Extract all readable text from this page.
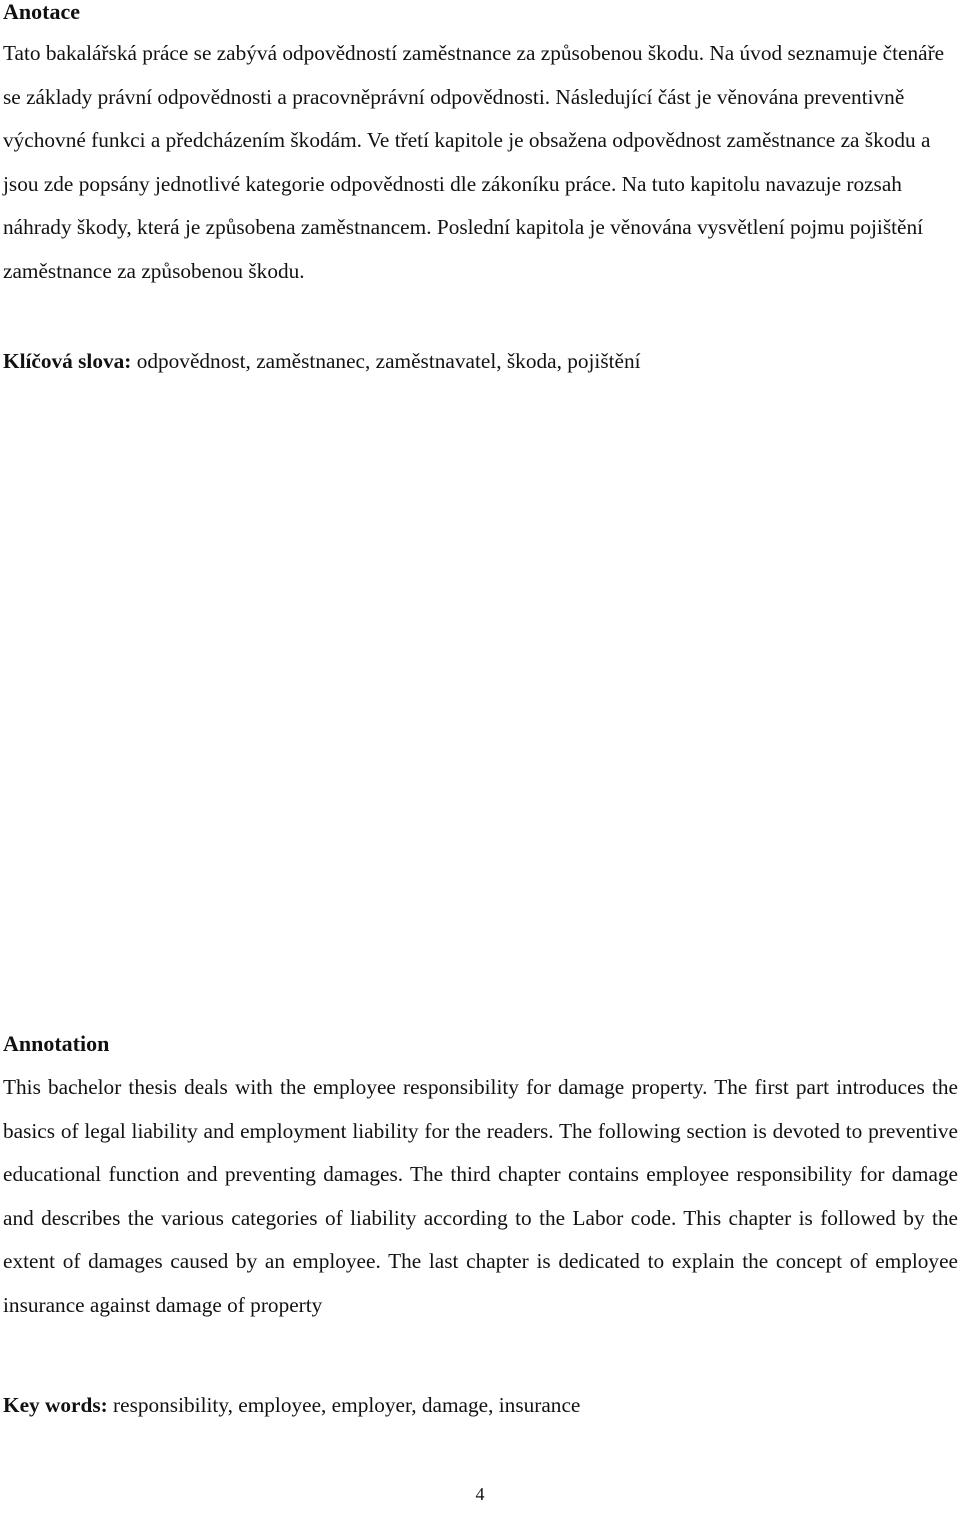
Anotace

Tato bakalářská práce se zabývá odpovědností zaměstnance za způsobenou škodu. Na úvod seznamuje čtenáře se základy právní odpovědnosti a pracovněprávní odpovědnosti. Následující část je věnována preventivně výchovné funkci a předcházením škodám. Ve třetí kapitole je obsažena odpovědnost zaměstnance za škodu a jsou zde popsány jednotlivé kategorie odpovědnosti dle zákoníku práce. Na tuto kapitolu navazuje rozsah náhrady škody, která je způsobena zaměstnancem. Poslední kapitola je věnována vysvětlení pojmu pojištění zaměstnance za způsobenou škodu.

Klíčová slova: odpovědnost, zaměstnanec, zaměstnavatel, škoda, pojištění

Annotation

This bachelor thesis deals with the employee responsibility for damage property. The first part introduces the basics of legal liability and employment liability for the readers. The following section is devoted to preventive educational function and preventing damages. The third chapter contains employee responsibility for damage and describes the various categories of liability according to the Labor code. This chapter is followed by the extent of damages caused by an employee. The last chapter is dedicated to explain the concept of employee insurance against damage of property

Key words: responsibility, employee, employer, damage, insurance

4
